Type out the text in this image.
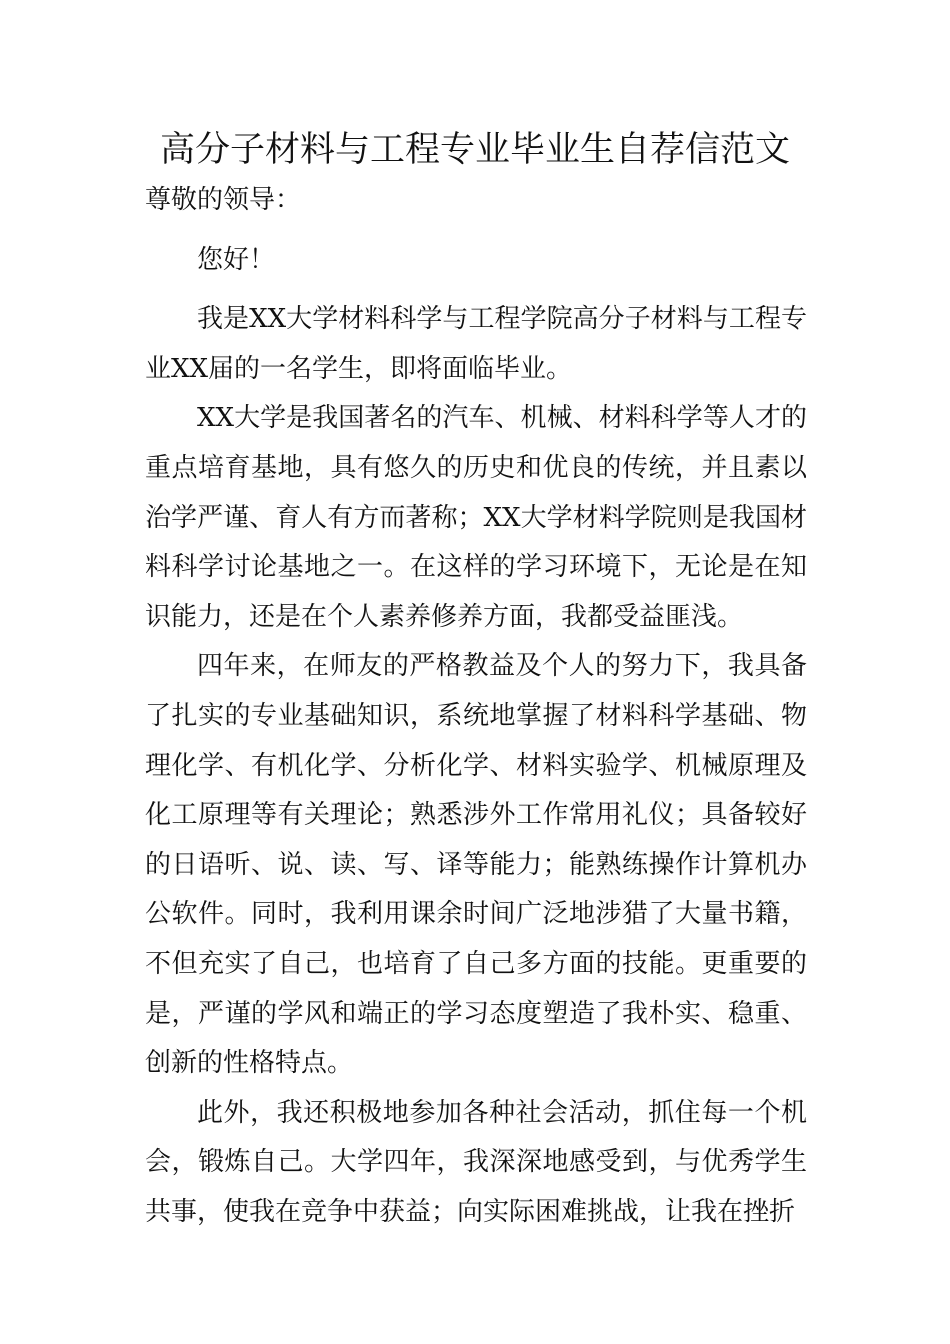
高分子材料与工程专业毕业生自荐信范文

尊敬的领导：

您好！

我是XX大学材料科学与工程学院高分子材料与工程专业XX届的一名学生，即将面临毕业。

XX大学是我国著名的汽车、机械、材料科学等人才的重点培育基地，具有悠久的历史和优良的传统，并且素以治学严谨、育人有方而著称；XX大学材料学院则是我国材料科学讨论基地之一。在这样的学习环境下，无论是在知识能力，还是在个人素养修养方面，我都受益匪浅。

四年来，在师友的严格教益及个人的努力下，我具备了扎实的专业基础知识，系统地掌握了材料科学基础、物理化学、有机化学、分析化学、材料实验学、机械原理及化工原理等有关理论；熟悉涉外工作常用礼仪；具备较好的日语听、说、读、写、译等能力；能熟练操作计算机办公软件。同时，我利用课余时间广泛地涉猎了大量书籍，不但充实了自己，也培育了自己多方面的技能。更重要的是，严谨的学风和端正的学习态度塑造了我朴实、稳重、创新的性格特点。

此外，我还积极地参加各种社会活动，抓住每一个机会，锻炼自己。大学四年，我深深地感受到，与优秀学生共事，使我在竞争中获益；向实际困难挑战，让我在挫折
